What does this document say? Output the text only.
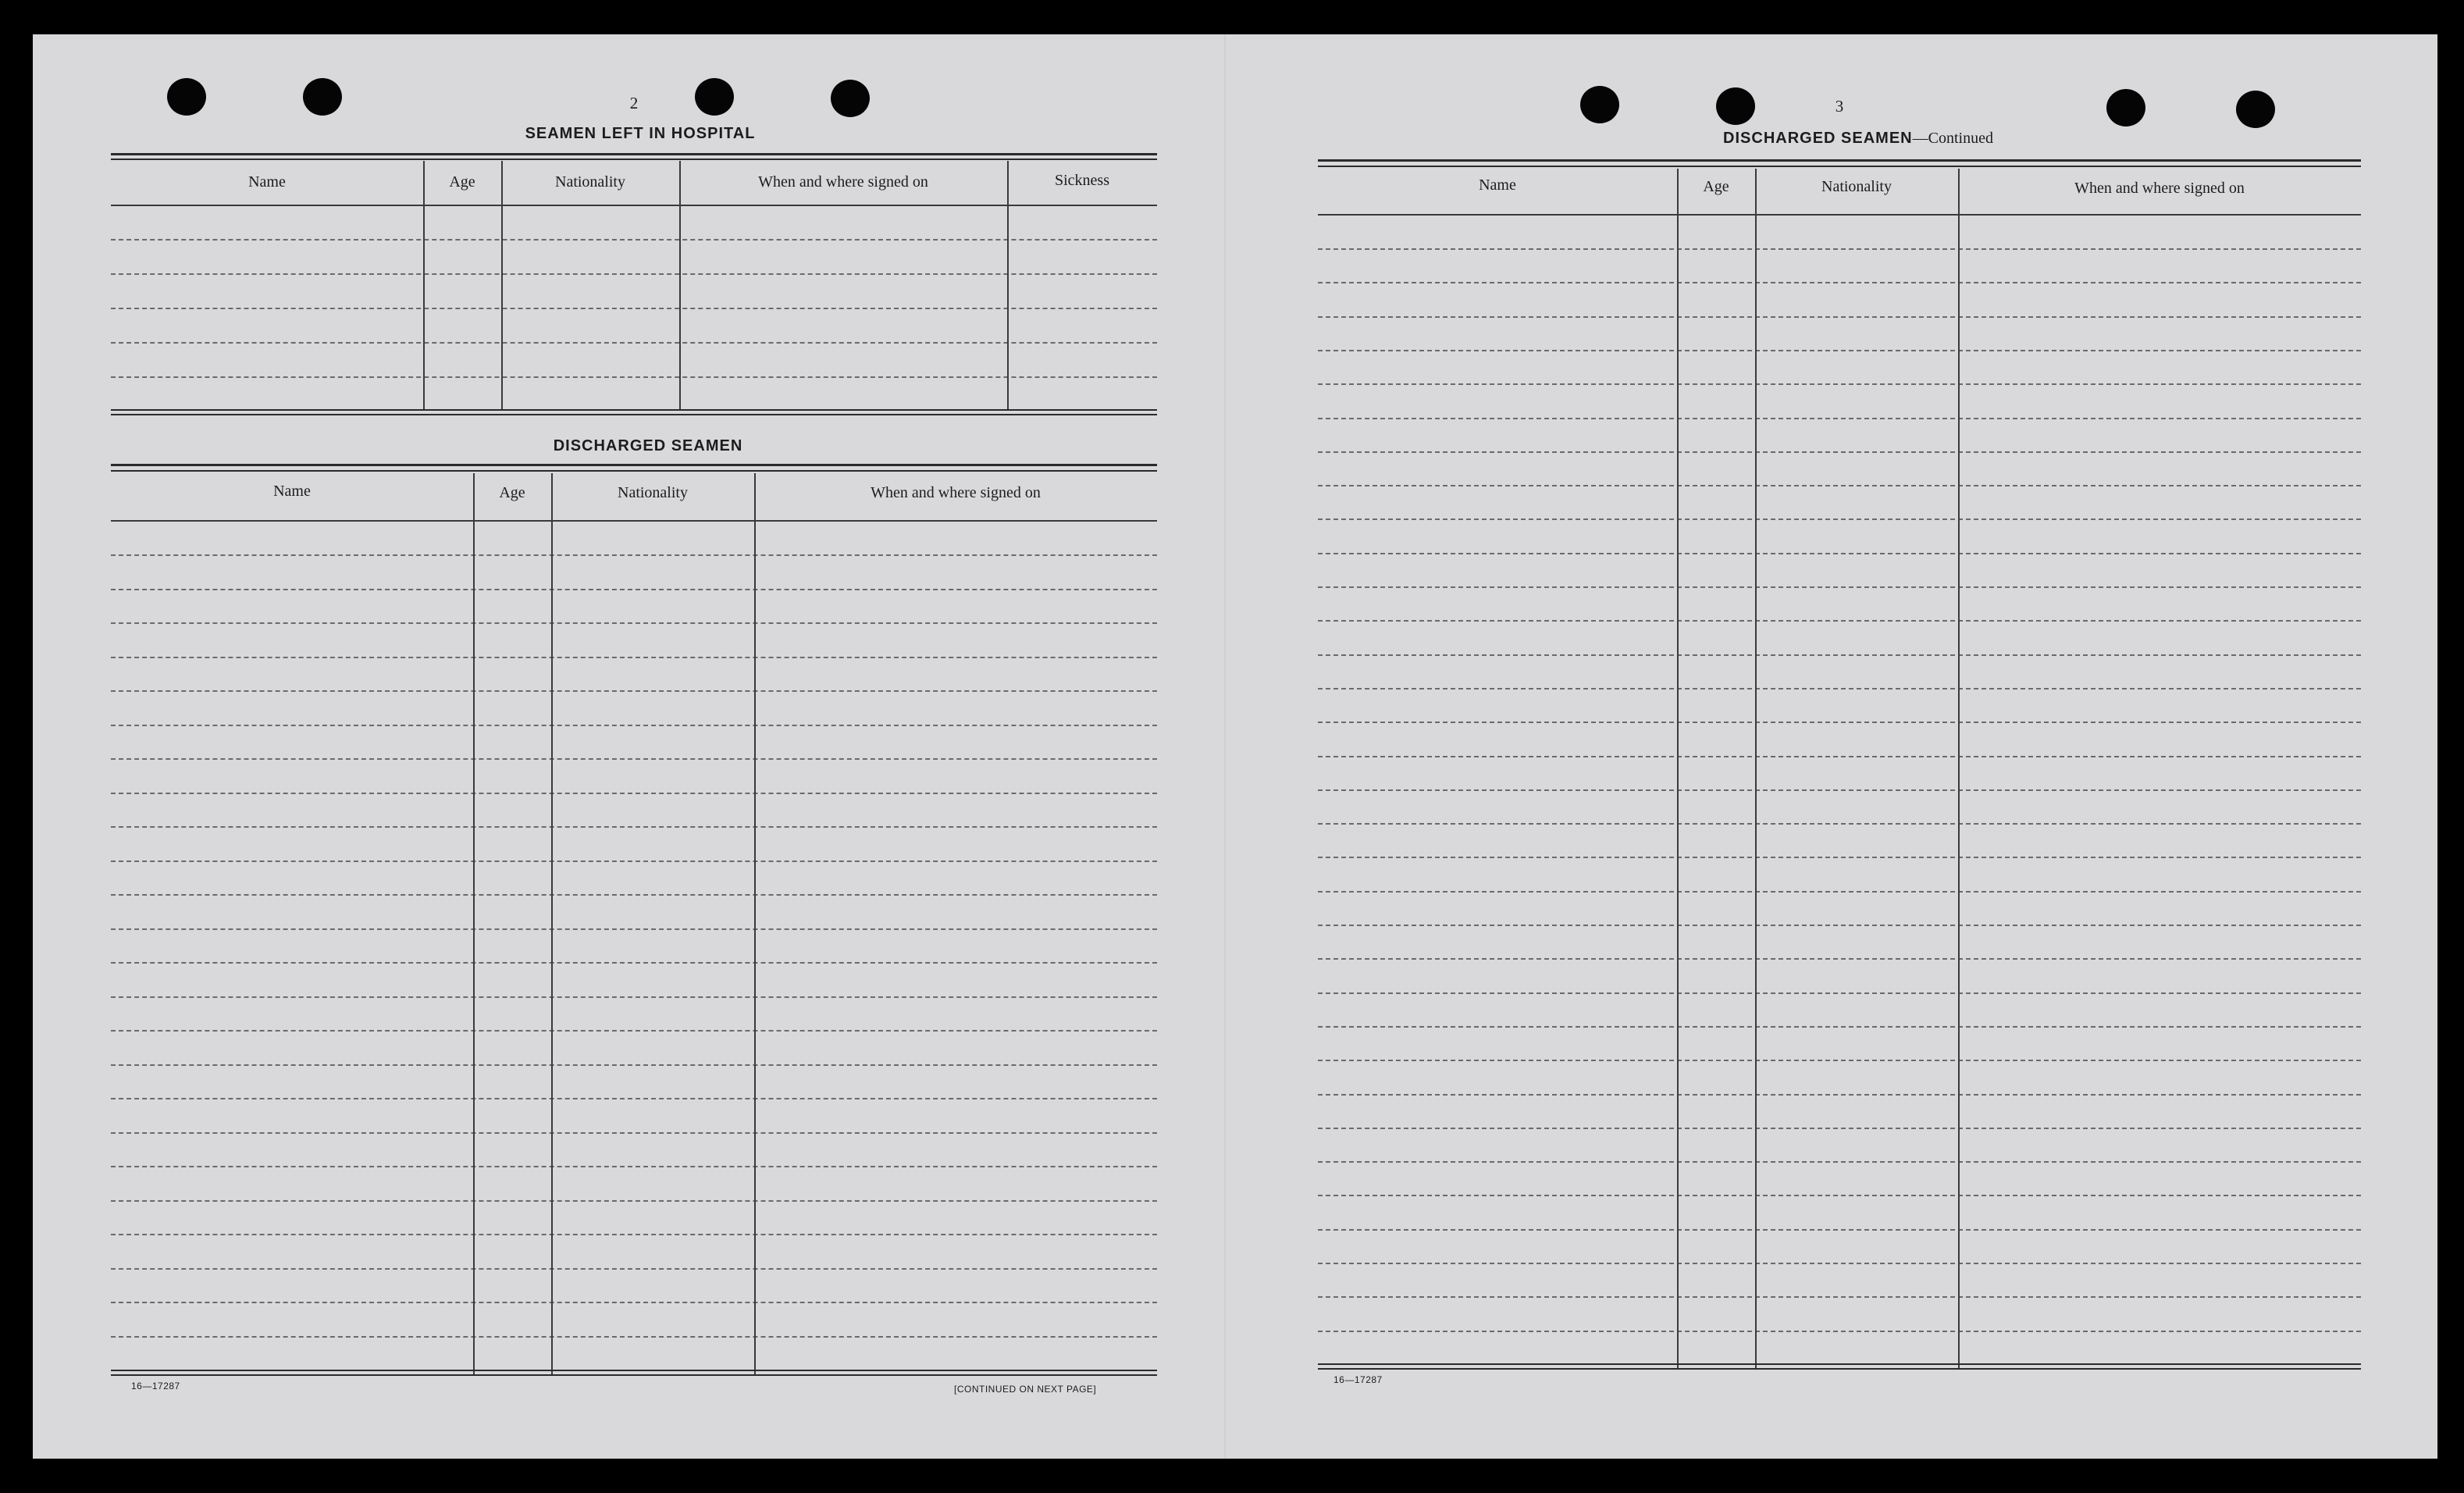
2
SEAMEN LEFT IN HOSPITAL
Name	Age	Nationality	When and where signed on	Sickness
DISCHARGED SEAMEN
Name	Age	Nationality	When and where signed on
16—17287	[CONTINUED ON NEXT PAGE]
3
DISCHARGED SEAMEN—Continued
Name	Age	Nationality	When and where signed on
16—17287
